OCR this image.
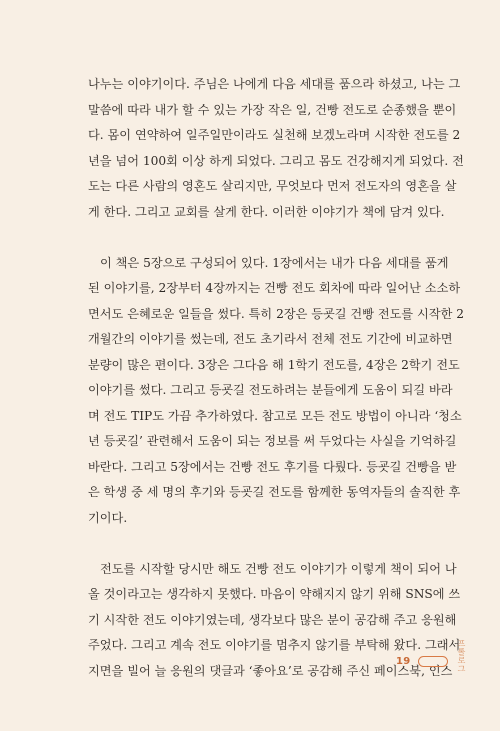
나누는 이야기이다. 주님은 나에게 다음 세대를 품으라 하셨고, 나는 그
말씀에 따라 내가 할 수 있는 가장 작은 일, 건빵 전도로 순종했을 뿐이
다. 몸이 연약하여 일주일만이라도 실천해 보겠노라며 시작한 전도를 2
년을 넘어 100회 이상 하게 되었다. 그리고 몸도 건강해지게 되었다. 전
도는 다른 사람의 영혼도 살리지만, 무엇보다 먼저 전도자의 영혼을 살
게 한다. 그리고 교회를 살게 한다. 이러한 이야기가 책에 담겨 있다.

이 책은 5장으로 구성되어 있다. 1장에서는 내가 다음 세대를 품게
된 이야기를, 2장부터 4장까지는 건빵 전도 회차에 따라 일어난 소소하
면서도 은혜로운 일들을 썼다. 특히 2장은 등굣길 건빵 전도를 시작한 2
개월간의 이야기를 썼는데, 전도 초기라서 전체 전도 기간에 비교하면
분량이 많은 편이다. 3장은 그다음 해 1학기 전도를, 4장은 2학기 전도
이야기를 썼다. 그리고 등굣길 전도하려는 분들에게 도움이 되길 바라
며 전도 TIP도 가끔 추가하였다. 참고로 모든 전도 방법이 아니라 ‘청소
년 등굣길’ 관련해서 도움이 되는 정보를 써 두었다는 사실을 기억하길
바란다. 그리고 5장에서는 건빵 전도 후기를 다뤘다. 등굣길 건빵을 받
은 학생 중 세 명의 후기와 등굣길 전도를 함께한 동역자들의 솔직한 후
기이다.

전도를 시작할 당시만 해도 건빵 전도 이야기가 이렇게 책이 되어 나
올 것이라고는 생각하지 못했다. 마음이 약해지지 않기 위해 SNS에 쓰
기 시작한 전도 이야기였는데, 생각보다 많은 분이 공감해 주고 응원해
주었다. 그리고 계속 전도 이야기를 멈추지 않기를 부탁해 왔다. 그래서
지면을 빌어 늘 응원의 댓글과 ‘좋아요’로 공감해 주신 페이스북, 인스

19	프롤로그
